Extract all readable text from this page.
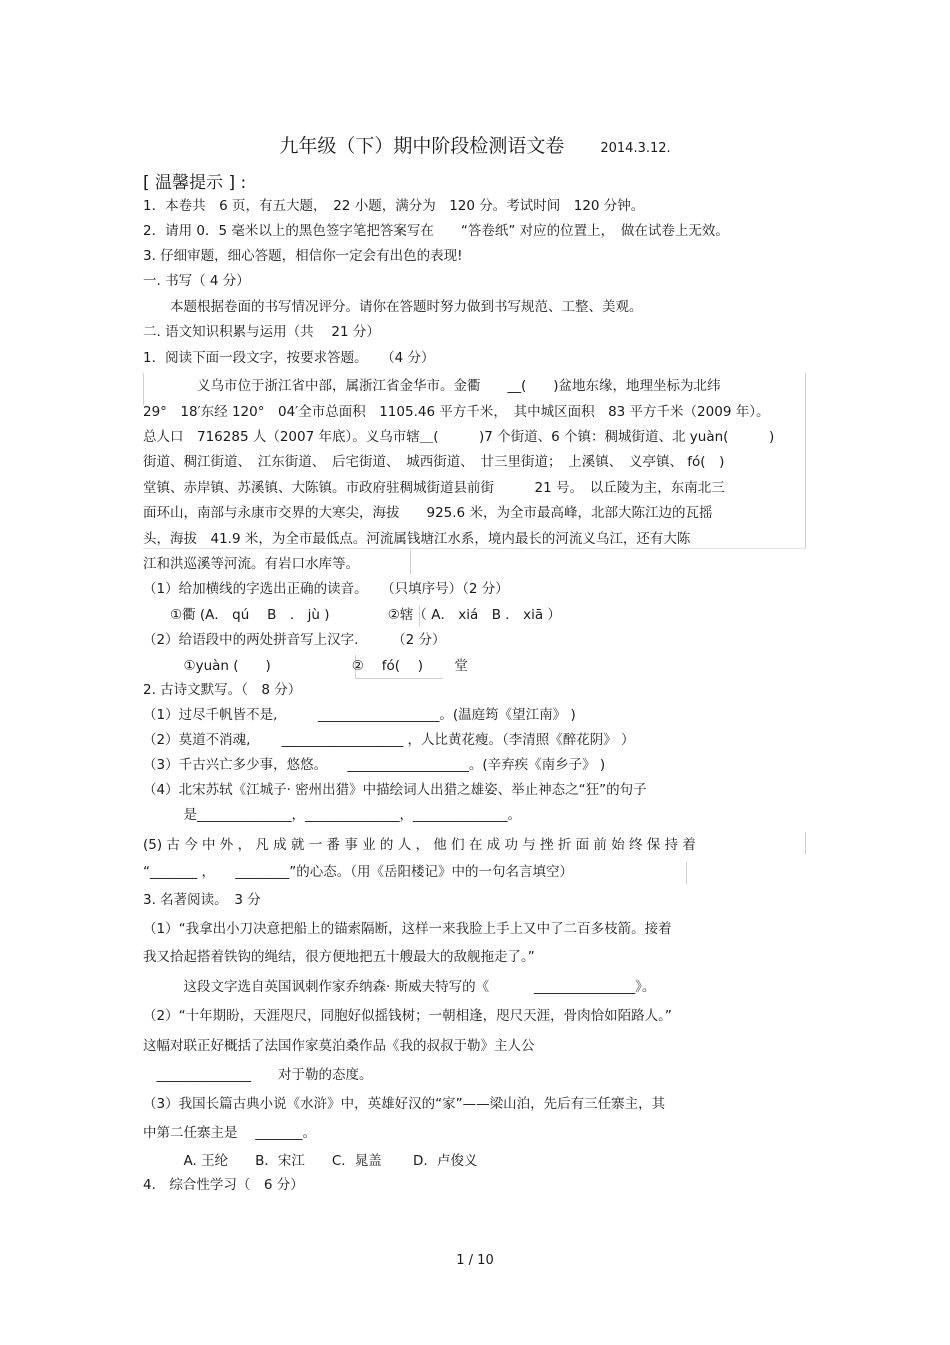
九年级（下）期中阶段检测语文卷	2014.3.12.
[ 温馨提示 ] :
1．本卷共　6 页，有五大题，　22 小题，满分为　120 分。考试时间　120 分钟。
2．请用 0．5 毫米以上的黑色签字笔把答案写在　　“答卷纸” 对应的位置上，　做在试卷上无效。
3. 仔细审题，细心答题，相信你一定会有出色的表现!
一. 书写（ 4 分）
　　本题根据卷面的书写情况评分。请你在答题时努力做到书写规范、工整、美观。
二. 语文知识积累与运用（共　 21 分）
1．阅读下面一段文字，按要求答题。　　（4 分）
　　　　义乌市位于浙江省中部，属浙江省金华市。金衢　　__(　　)盆地东缘，地理坐标为北纬
29°　18′东经 120°　04′全市总面积　1105.46 平方千米，　其中城区面积　83 平方千米（2009 年）。
总人口　716285 人（2007 年底）。义乌市辖＿(　　　)7 个街道、6 个镇：稠城街道、北 yuàn(　　　)
街道、稠江街道、　江东街道、　后宅街道、　城西街道、　廿三里街道；　上溪镇、　义亭镇、 fó(　)
堂镇、赤岸镇、苏溪镇、大陈镇。市政府驻稠城街道县前街　　　21 号。　以丘陵为主，东南北三
面环山，南部与永康市交界的大寒尖，海拔　　925.6 米，为全市最高峰，北部大陈江边的瓦摇
头，海拔　41.9 米，为全市最低点。河流属钱塘江水系，境内最长的河流义乌江，还有大陈
江和洪巡溪等河流。有岩口水库等。
（1）给加横线的字选出正确的读音。　　（只填序号）（2 分）
　　①衢 (A． qú　 B　． jù )　　　　 ②辖（ A． xiá　B ． xiā ）
（2）给语段中的两处拼音写上汉字.　　　（2 分）
　　　①yuàn (　　)　　　　　　②　 fó(　 )　　 堂
2. 古诗文默写。（　8 分）
（1）过尽千帆皆不是,　　　__________________。(温庭筠《望江南》 )
（2）莫道不消魂,　　 __________________ ，人比黄花瘦。（李清照《醉花阴》 ）
（3）千古兴亡多少事，悠悠。　　__________________。(辛弃疾《南乡子》 )
（4）北宋苏轼《江城子· 密州出猎》中描绘词人出猎之雄姿、举止神态之“狂”的句子
　　　是______________，______________，______________。
(5) 古 今 中 外 ， 凡 成 就 一 番 事 业 的 人 ， 他 们 在 成 功 与 挫 折 面 前 始 终 保 持 着
“_______ ，　　________”的心态。（用《岳阳楼记》中的一句名言填空）
3. 名著阅读。　3 分
（1）“我拿出小刀决意把船上的锚索隔断，这样一来我脸上手上又中了二百多枝箭。接着
我又拾起搭着铁钩的绳结，很方便地把五十艘最大的敌舰拖走了。”
　　　这段文字选自英国讽刺作家乔纳森· 斯威夫特写的《　　　 _______________》。
（2）“十年期盼，天涯咫尺，同胞好似摇钱树；一朝相逢，咫尺天涯，骨肉恰如陌路人。”
这幅对联正好概括了法国作家莫泊桑作品《我的叔叔于勒》主人公
　______________　　对于勒的态度。
（3）我国长篇古典小说《水浒》中，英雄好汉的“家”——梁山泊，先后有三任寨主，其
中第二任寨主是　 _______。
　　　A. 王纶　　B．宋江　　C．晁盖　　 D．卢俊义
4.　综合性学习（　6 分）
1 / 10
